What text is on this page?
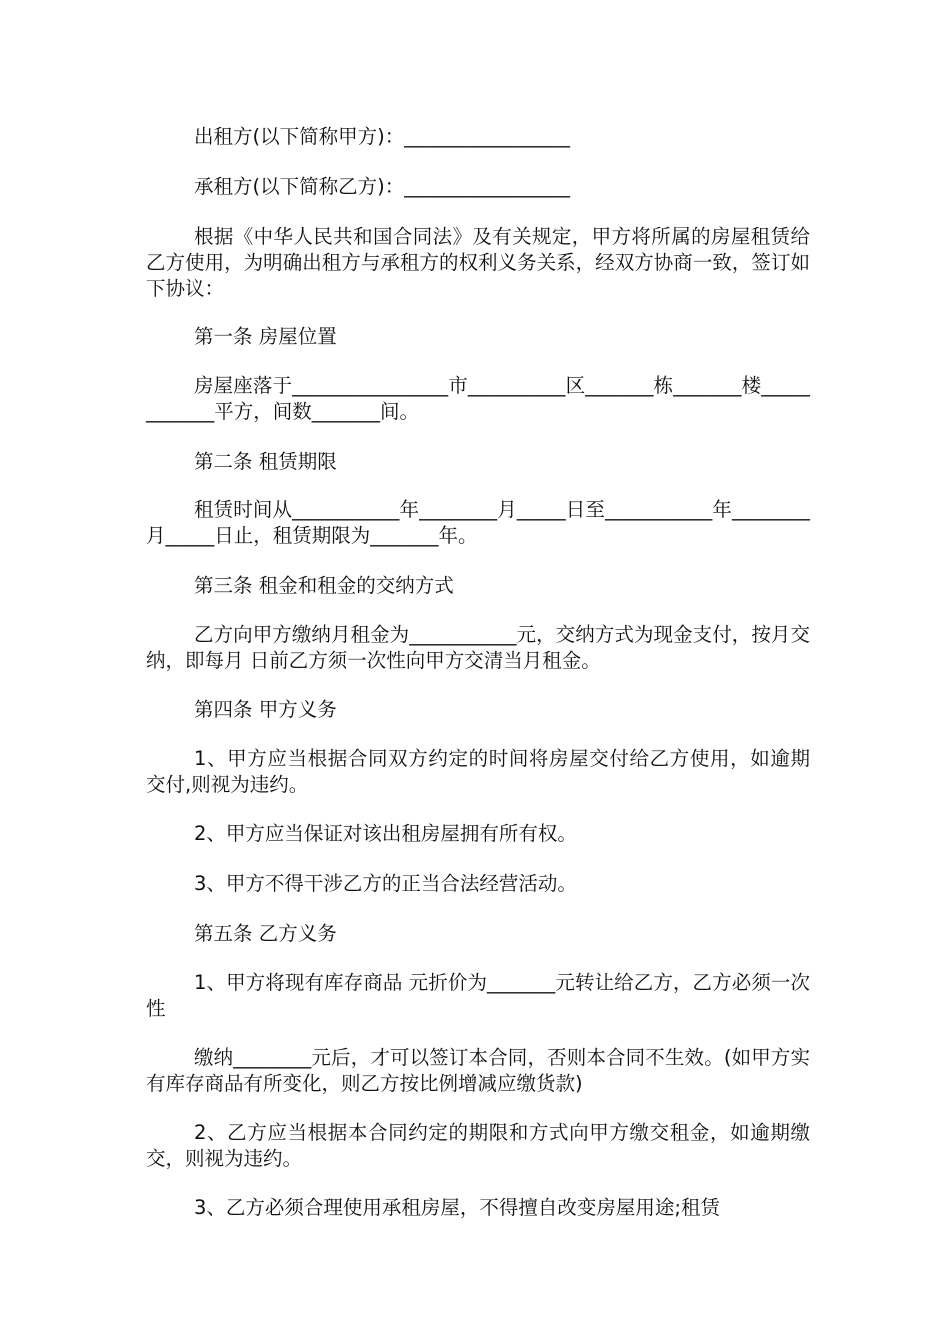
出租方(以下简称甲方)：_________________

承租方(以下简称乙方)：_________________

根据《中华人民共和国合同法》及有关规定，甲方将所属的房屋租赁给乙方使用，为明确出租方与承租方的权利义务关系，经双方协商一致，签订如下协议：

第一条 房屋位置

房屋座落于________________市__________区_______栋_______楼____________平方，间数_______间。

第二条 租赁期限

租赁时间从___________年________月_____日至___________年________月_____日止，租赁期限为_______年。

第三条 租金和租金的交纳方式

乙方向甲方缴纳月租金为___________元，交纳方式为现金支付，按月交纳，即每月 日前乙方须一次性向甲方交清当月租金。

第四条 甲方义务

1、甲方应当根据合同双方约定的时间将房屋交付给乙方使用，如逾期交付,则视为违约。

2、甲方应当保证对该出租房屋拥有所有权。

3、甲方不得干涉乙方的正当合法经营活动。

第五条 乙方义务

1、甲方将现有库存商品 元折价为_______元转让给乙方，乙方必须一次性

缴纳________元后，才可以签订本合同，否则本合同不生效。(如甲方实有库存商品有所变化，则乙方按比例增减应缴货款)

2、乙方应当根据本合同约定的期限和方式向甲方缴交租金，如逾期缴交，则视为违约。

3、乙方必须合理使用承租房屋，不得擅自改变房屋用途;租赁
